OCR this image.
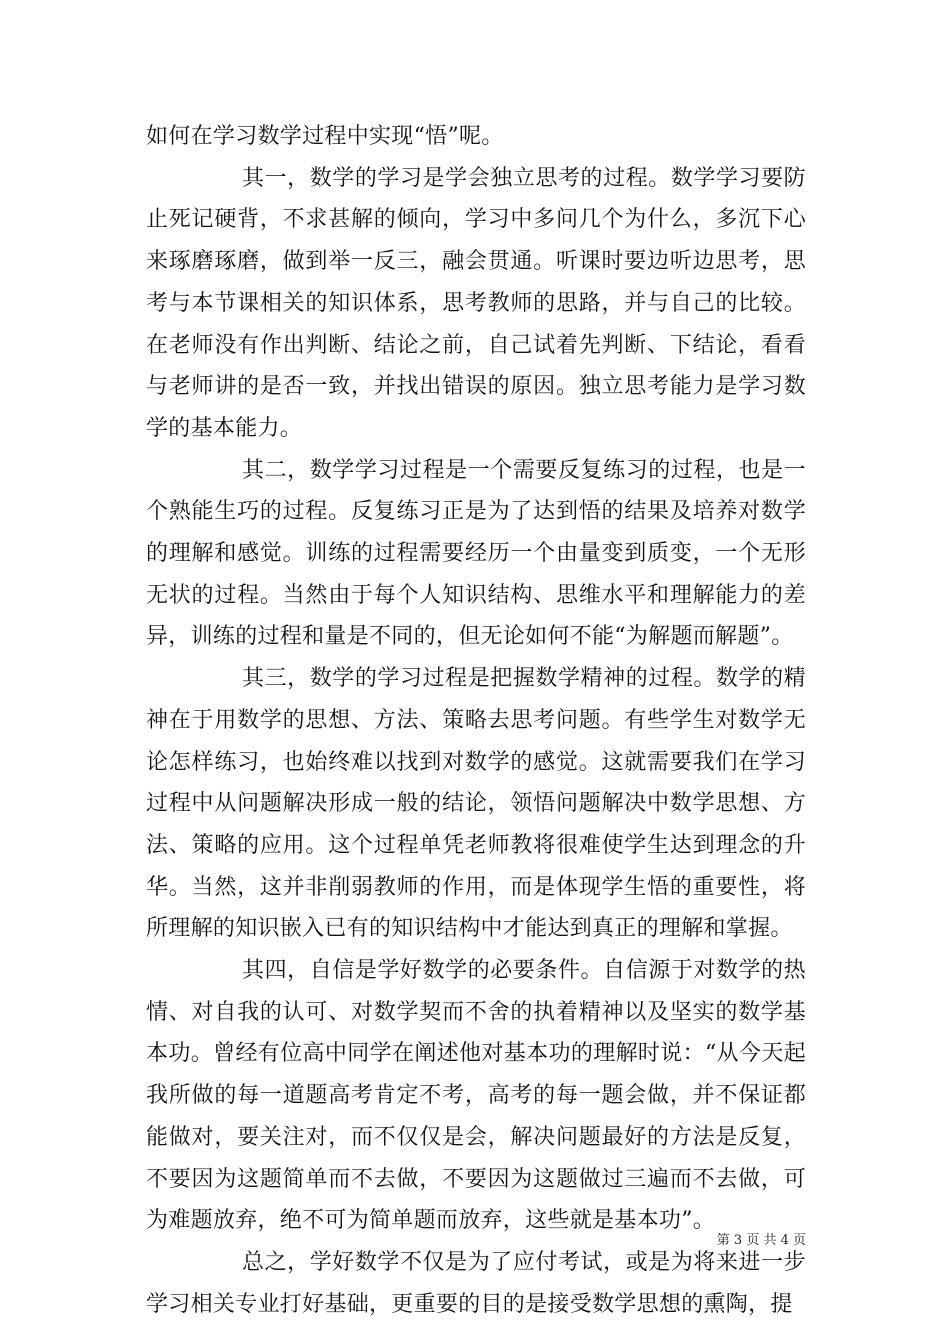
如何在学习数学过程中实现“悟”呢。

其一，数学的学习是学会独立思考的过程。数学学习要防止死记硬背，不求甚解的倾向，学习中多问几个为什么，多沉下心来琢磨琢磨，做到举一反三，融会贯通。听课时要边听边思考，思考与本节课相关的知识体系，思考教师的思路，并与自己的比较。在老师没有作出判断、结论之前，自己试着先判断、下结论，看看与老师讲的是否一致，并找出错误的原因。独立思考能力是学习数学的基本能力。

其二，数学学习过程是一个需要反复练习的过程，也是一个熟能生巧的过程。反复练习正是为了达到悟的结果及培养对数学的理解和感觉。训练的过程需要经历一个由量变到质变，一个无形无状的过程。当然由于每个人知识结构、思维水平和理解能力的差异，训练的过程和量是不同的，但无论如何不能“为解题而解题”。

其三，数学的学习过程是把握数学精神的过程。数学的精神在于用数学的思想、方法、策略去思考问题。有些学生对数学无论怎样练习，也始终难以找到对数学的感觉。这就需要我们在学习过程中从问题解决形成一般的结论，领悟问题解决中数学思想、方法、策略的应用。这个过程单凭老师教将很难使学生达到理念的升华。当然，这并非削弱教师的作用，而是体现学生悟的重要性，将所理解的知识嵌入已有的知识结构中才能达到真正的理解和掌握。

其四，自信是学好数学的必要条件。自信源于对数学的热情、对自我的认可、对数学契而不舍的执着精神以及坚实的数学基本功。曾经有位高中同学在阐述他对基本功的理解时说：“从今天起我所做的每一道题高考肯定不考，高考的每一题会做，并不保证都能做对，要关注对，而不仅仅是会，解决问题最好的方法是反复，不要因为这题简单而不去做，不要因为这题做过三遍而不去做，可为难题放弃，绝不可为简单题而放弃，这些就是基本功”。

总之，学好数学不仅是为了应付考试，或是为将来进一步学习相关专业打好基础，更重要的目的是接受数学思想的熏陶，提

第 3 页 共 4 页
